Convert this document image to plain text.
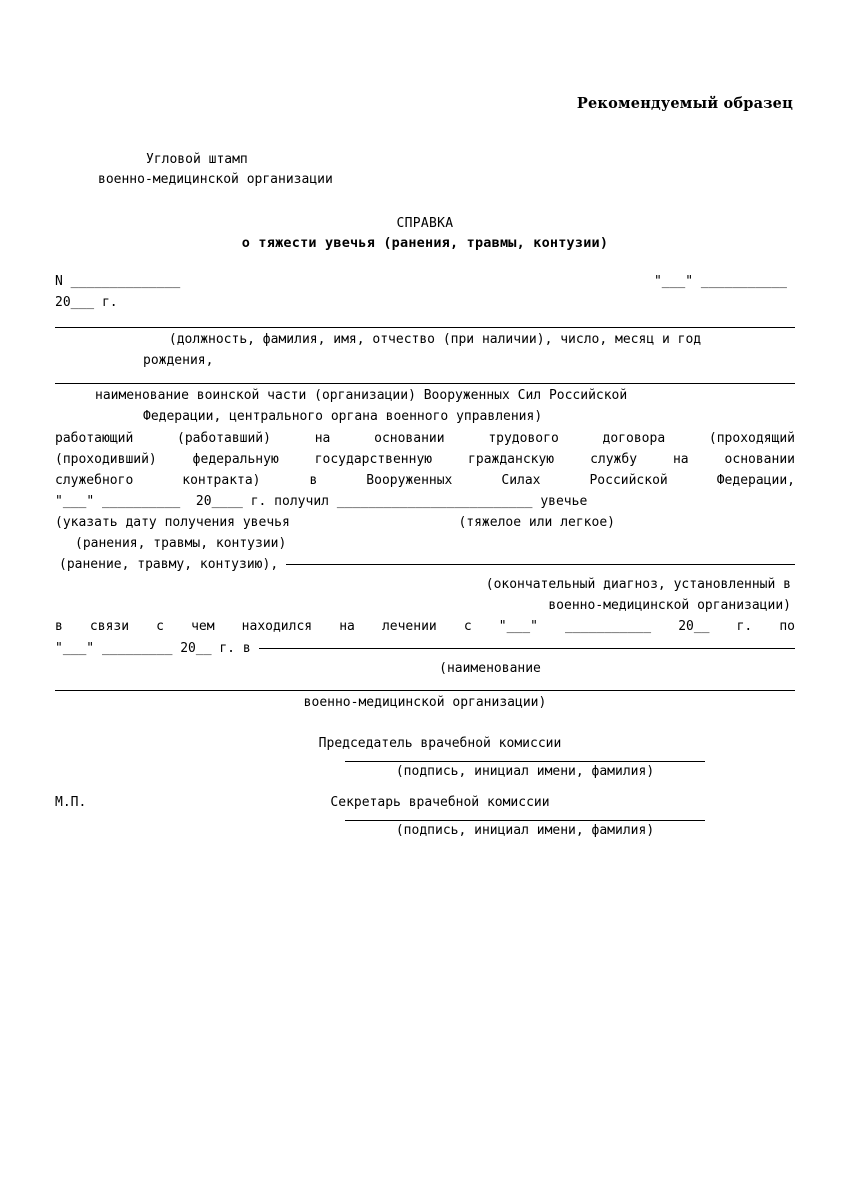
Рекомендуемый образец
Угловой штамп
военно-медицинской организации
СПРАВКА
о тяжести увечья (ранения, травмы, контузии)
N ______________	"___" ___________
20___ г.
(должность, фамилия, имя, отчество (при наличии), число, месяц и год
рождения,
наименование воинской части (организации) Вооруженных Сил Российской
Федерации, центрального органа военного управления)
работающий (работавший) на основании трудового договора (проходящий
(проходивший) федеральную государственную гражданскую службу на основании
служебного контракта) в Вооруженных Силах Российской Федерации,
" ___ "
__________
20 ____
г. получил
_________________________
увечье
(указать дату получения увечья	(тяжелое или легкое)
(ранения, травмы, контузии)
(ранение, травму, контузию),

(окончательный диагноз, установленный в
военно-медицинской организации)
в связи с чем находился на лечении с "___" ___________ 20__ г. по
"___" _________ 20__ г. в

(наименование
военно-медицинской организации)
Председатель врачебной комиссии
(подпись, инициал имени, фамилия)
М.П.	Секретарь врачебной комиссии
(подпись, инициал имени, фамилия)
